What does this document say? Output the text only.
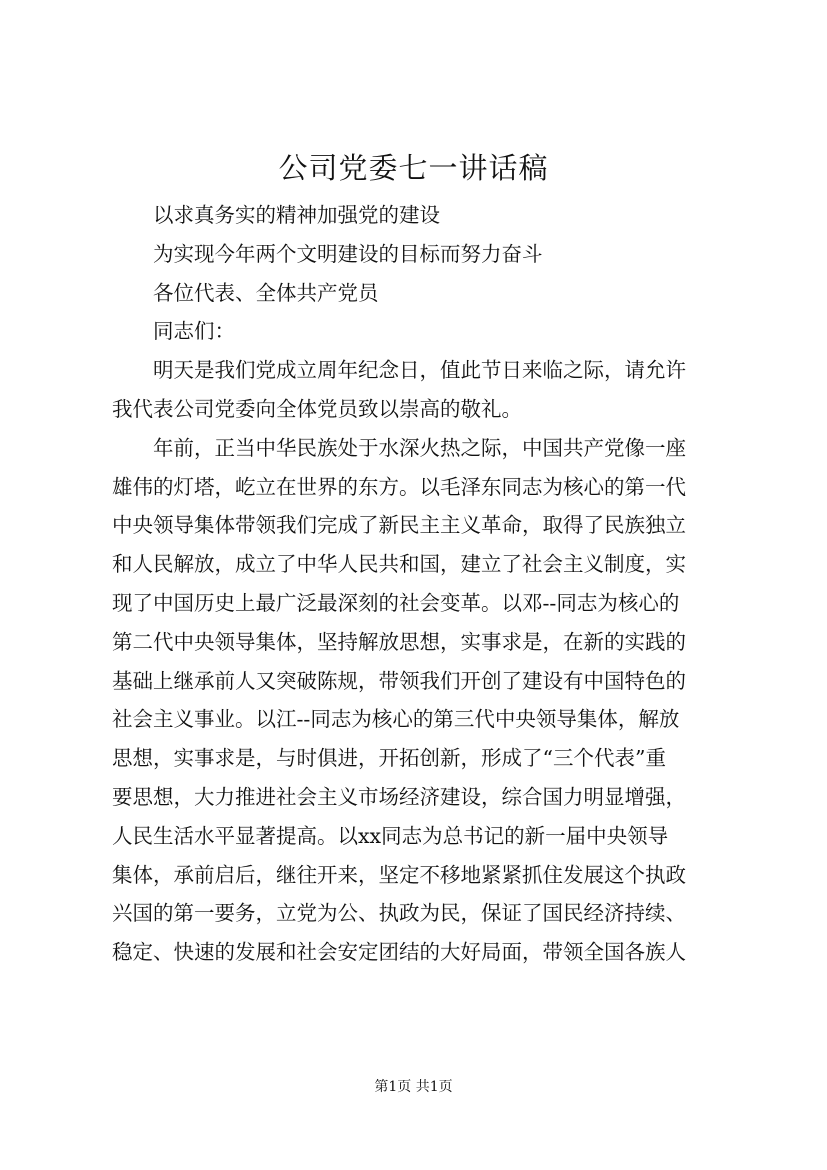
公司党委七一讲话稿
以求真务实的精神加强党的建设
为实现今年两个文明建设的目标而努力奋斗
各位代表、全体共产党员
同志们：
明天是我们党成立周年纪念日，值此节日来临之际，请允许
我代表公司党委向全体党员致以崇高的敬礼。
年前，正当中华民族处于水深火热之际，中国共产党像一座
雄伟的灯塔，屹立在世界的东方。以毛泽东同志为核心的第一代
中央领导集体带领我们完成了新民主主义革命，取得了民族独立
和人民解放，成立了中华人民共和国，建立了社会主义制度，实
现了中国历史上最广泛最深刻的社会变革。以邓--同志为核心的
第二代中央领导集体，坚持解放思想，实事求是，在新的实践的
基础上继承前人又突破陈规，带领我们开创了建设有中国特色的
社会主义事业。以江--同志为核心的第三代中央领导集体，解放
思想，实事求是，与时俱进，开拓创新，形成了“三个代表”重
要思想，大力推进社会主义市场经济建设，综合国力明显增强，
人民生活水平显著提高。以xx同志为总书记的新一届中央领导
集体，承前启后，继往开来，坚定不移地紧紧抓住发展这个执政
兴国的第一要务，立党为公、执政为民，保证了国民经济持续、
稳定、快速的发展和社会安定团结的大好局面，带领全国各族人
第1页 共1页
